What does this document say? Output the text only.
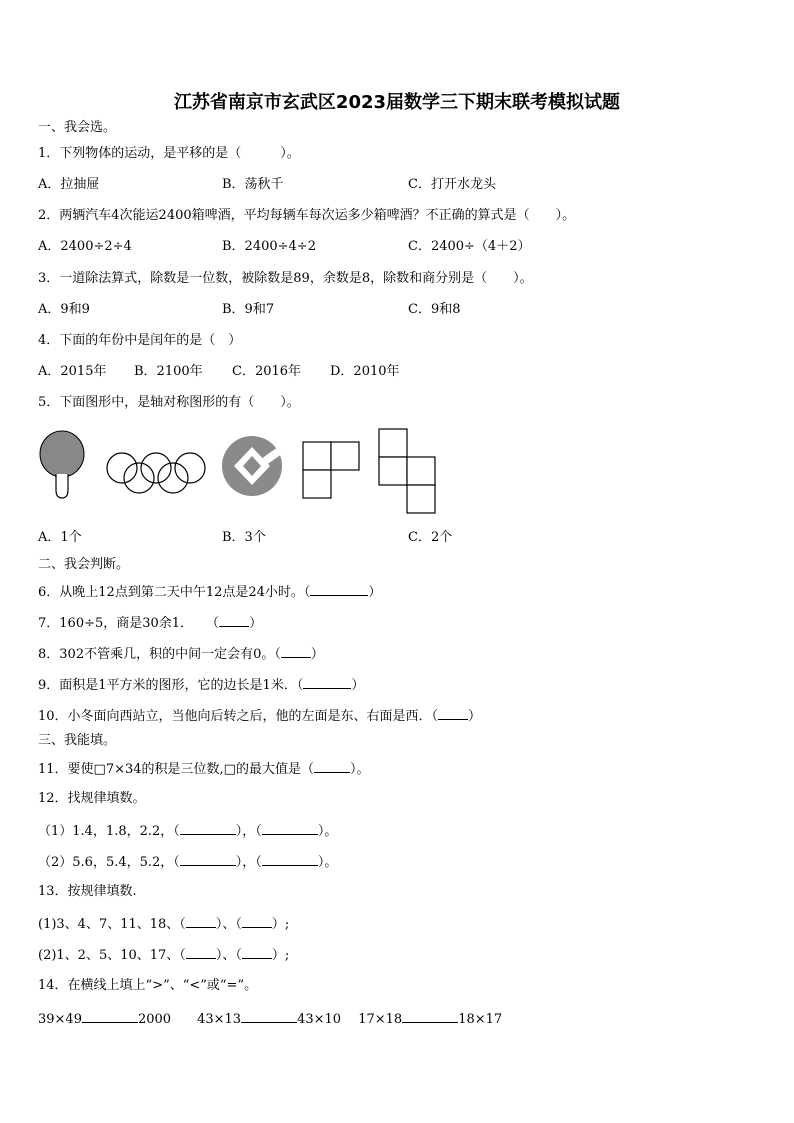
江苏省南京市玄武区2023届数学三下期末联考模拟试题
一、我会选。
1．下列物体的运动，是平移的是（　　　）。
A．拉抽屉	B．荡秋千	C．打开水龙头
2．两辆汽车4次能运2400箱啤酒，平均每辆车每次运多少箱啤酒？不正确的算式是（　　）。
A．2400÷2÷4	B．2400÷4÷2	C．2400÷（4＋2）
3．一道除法算式，除数是一位数，被除数是89，余数是8，除数和商分别是（　　）。
A．9和9	B．9和7	C．9和8
4．下面的年份中是闰年的是（　）
A．2015年 B．2100年 C．2016年 D．2010年
5．下面图形中，是轴对称图形的有（　　）。
A．1个	B．3个	C．2个
二、我会判断。
6．从晚上12点到第二天中午12点是24小时。（	）
7．160÷5，商是30余1．　　（ ）
8．302不管乘几，积的中间一定会有0。（ ）
9．面积是1平方米的图形，它的边长是1米．（	）
10．小冬面向西站立，当他向后转之后，他的左面是东、右面是西．（ ）
三、我能填。
11．要使□7×34的积是三位数,□的最大值是（	）。
12．找规律填数。
（1）1.4，1.8，2.2，（	），（	）。
（2）5.6，5.4，5.2，（	），（	）。
13．按规律填数.
(1)3、4、7、11、18、（ ）、（ ）;
(2)1、2、5、10、17、（ ）、（ ）;
14．在横线上填上“>”、“<”或“=”。
39×49	2000　　 43×13	43×10　 17×18	18×17
